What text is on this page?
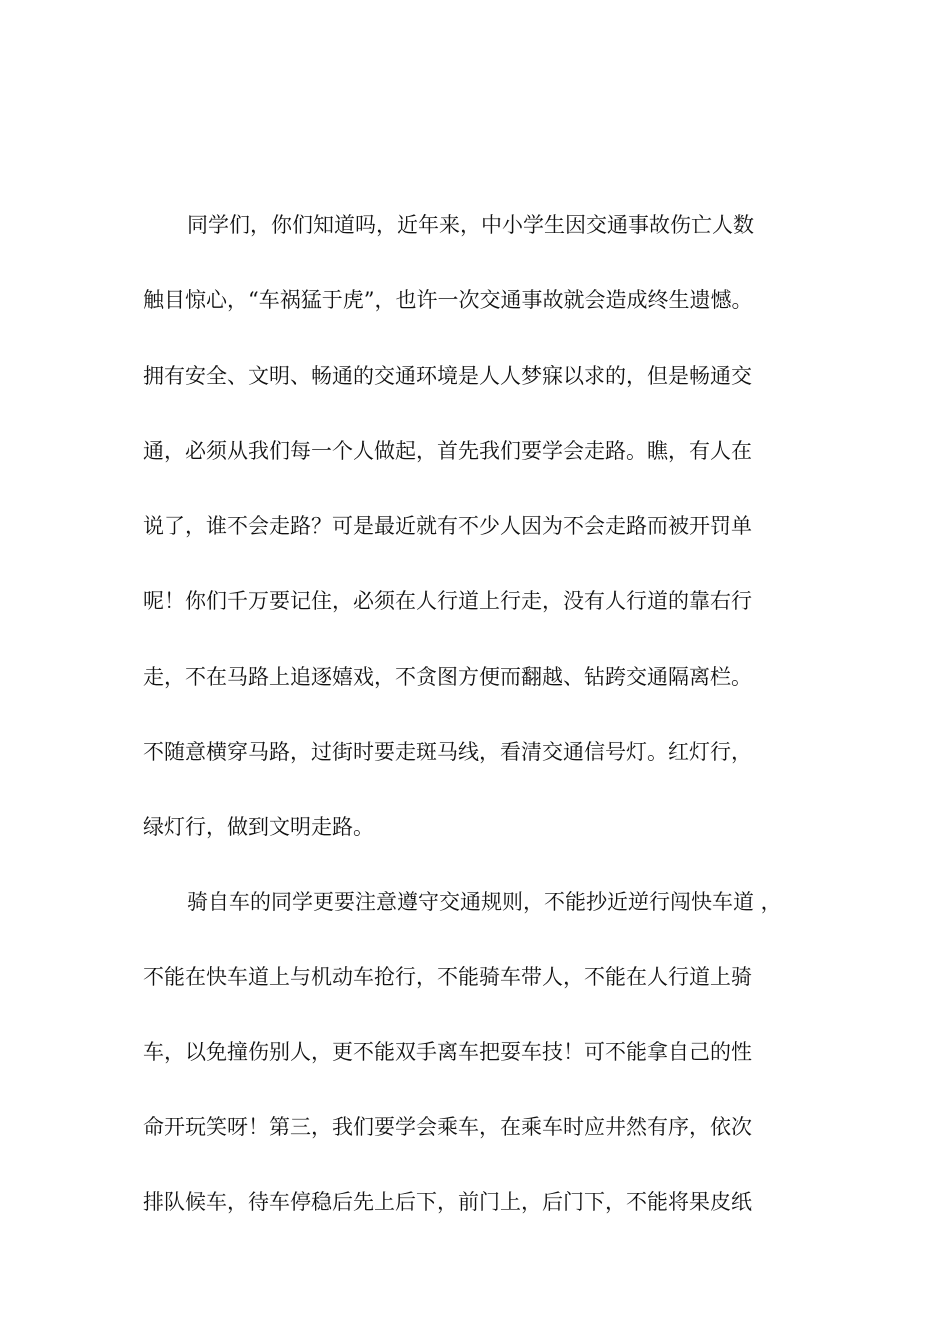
同学们，你们知道吗，近年来，中小学生因交通事故伤亡人数
触目惊心，“车祸猛于虎”，也许一次交通事故就会造成终生遗憾。
拥有安全、文明、畅通的交通环境是人人梦寐以求的，但是畅通交
通，必须从我们每一个人做起，首先我们要学会走路。瞧，有人在
说了，谁不会走路？可是最近就有不少人因为不会走路而被开罚单
呢！你们千万要记住，必须在人行道上行走，没有人行道的靠右行
走，不在马路上追逐嬉戏，不贪图方便而翻越、钻跨交通隔离栏。
不随意横穿马路，过街时要走斑马线，看清交通信号灯。红灯行，
绿灯行，做到文明走路。
骑自车的同学更要注意遵守交通规则，不能抄近逆行闯快车道 ，
不能在快车道上与机动车抢行，不能骑车带人，不能在人行道上骑
车，以免撞伤别人，更不能双手离车把耍车技！可不能拿自己的性
命开玩笑呀！第三，我们要学会乘车，在乘车时应井然有序，依次
排队候车，待车停稳后先上后下，前门上，后门下，不能将果皮纸
